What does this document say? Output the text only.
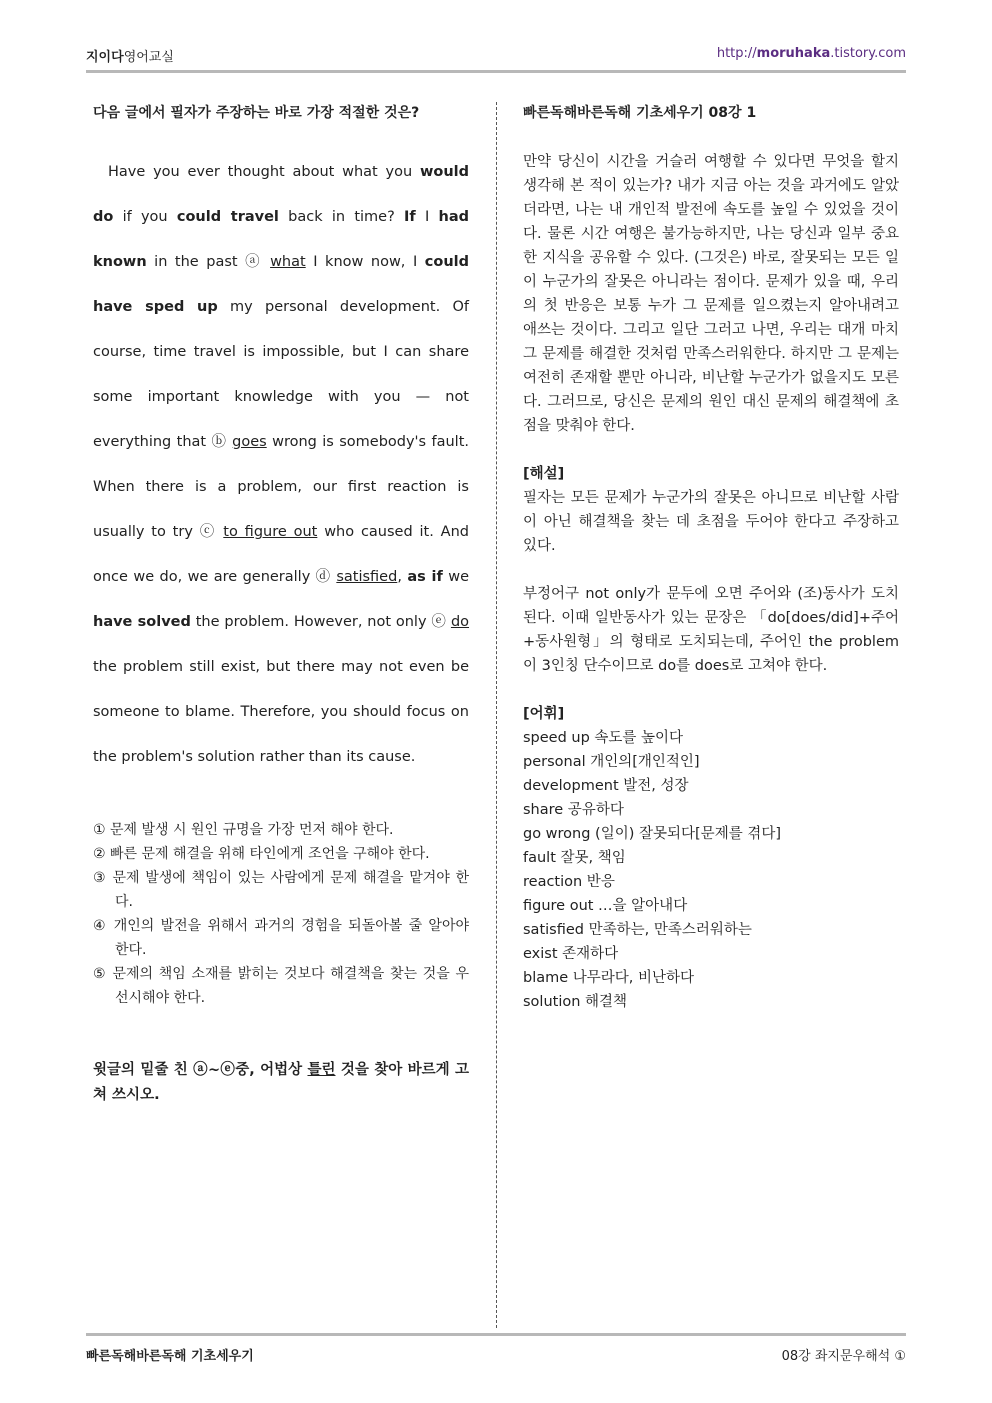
지이다영어교실	http://moruhaka.tistory.com

다음 글에서 필자가 주장하는 바로 가장 적절한 것은?

Have you ever thought about what you would do if you could travel back in time? If I had known in the past ⓐ what I know now, I could have sped up my personal development. Of course, time travel is impossible, but I can share some important knowledge with you — not everything that ⓑ goes wrong is somebody's fault. When there is a problem, our first reaction is usually to try ⓒ to figure out who caused it. And once we do, we are generally ⓓ satisfied, as if we have solved the problem. However, not only ⓔ do the problem still exist, but there may not even be someone to blame. Therefore, you should focus on the problem's solution rather than its cause.

① 문제 발생 시 원인 규명을 가장 먼저 해야 한다.
② 빠른 문제 해결을 위해 타인에게 조언을 구해야 한다.
③ 문제 발생에 책임이 있는 사람에게 문제 해결을 맡겨야 한다.
④ 개인의 발전을 위해서 과거의 경험을 되돌아볼 줄 알아야 한다.
⑤ 문제의 책임 소재를 밝히는 것보다 해결책을 찾는 것을 우선시해야 한다.

윗글의 밑줄 친 ⓐ~ⓔ중, 어법상 틀린 것을 찾아 바르게 고쳐 쓰시오.

빠른독해바른독해 기초세우기 08강 1

만약 당신이 시간을 거슬러 여행할 수 있다면 무엇을 할지 생각해 본 적이 있는가? 내가 지금 아는 것을 과거에도 알았더라면, 나는 내 개인적 발전에 속도를 높일 수 있었을 것이다. 물론 시간 여행은 불가능하지만, 나는 당신과 일부 중요한 지식을 공유할 수 있다. (그것은) 바로, 잘못되는 모든 일이 누군가의 잘못은 아니라는 점이다. 문제가 있을 때, 우리의 첫 반응은 보통 누가 그 문제를 일으켰는지 알아내려고 애쓰는 것이다. 그리고 일단 그러고 나면, 우리는 대개 마치 그 문제를 해결한 것처럼 만족스러워한다. 하지만 그 문제는 여전히 존재할 뿐만 아니라, 비난할 누군가가 없을지도 모른다. 그러므로, 당신은 문제의 원인 대신 문제의 해결책에 초점을 맞춰야 한다.

[해설]
필자는 모든 문제가 누군가의 잘못은 아니므로 비난할 사람이 아닌 해결책을 찾는 데 초점을 두어야 한다고 주장하고 있다.
부정어구 not only가 문두에 오면 주어와 (조)동사가 도치된다. 이때 일반동사가 있는 문장은 「do[does/did]+주어+동사원형」의 형태로 도치되는데, 주어인 the problem이 3인칭 단수이므로 do를 does로 고쳐야 한다.
[어휘]
speed up 속도를 높이다
personal 개인의[개인적인]
development 발전, 성장
share 공유하다
go wrong (일이) 잘못되다[문제를 겪다]
fault 잘못, 책임
reaction 반응
figure out …을 알아내다
satisfied 만족하는, 만족스러워하는
exist 존재하다
blame 나무라다, 비난하다
solution 해결책
빠른독해바른독해 기초세우기	08강 좌지문우해석 ①
